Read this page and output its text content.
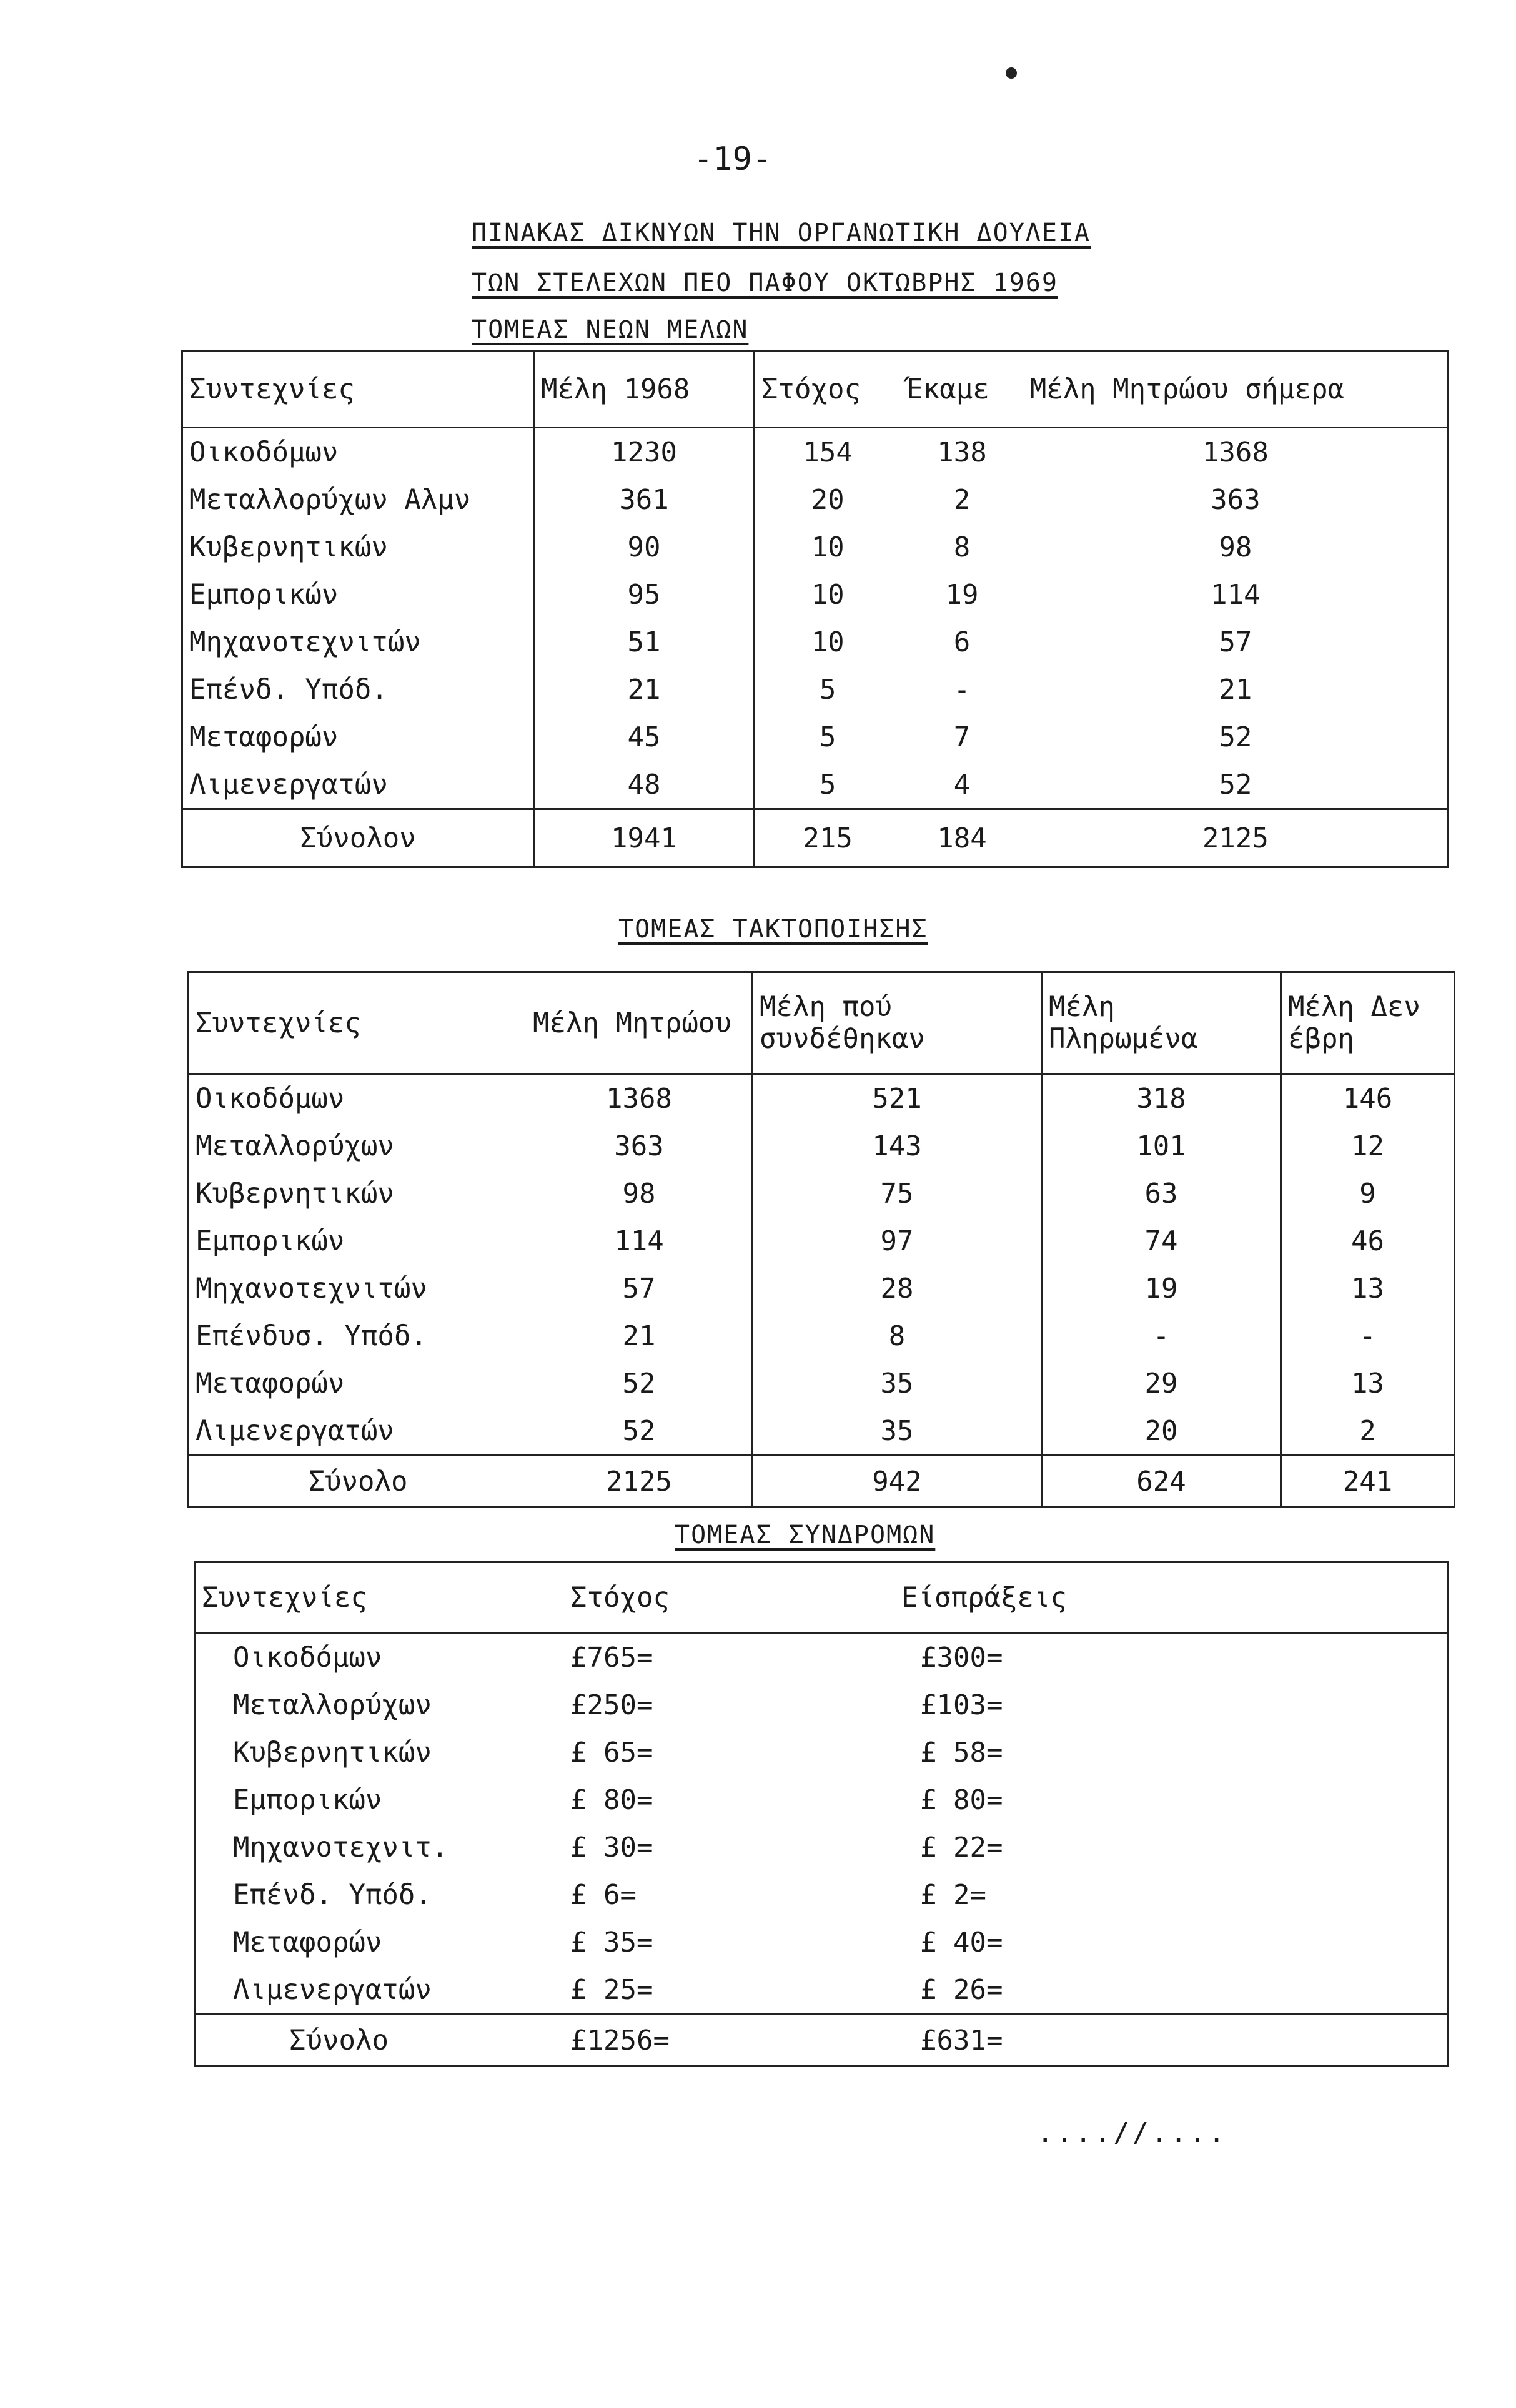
-19-
ΠΙΝΑΚΑΣ ΔΙΚΝΥΩΝ ΤΗΝ ΟΡΓΑΝΩΤΙΚΗ ΔΟΥΛΕΙΑ
ΤΩΝ ΣΤΕΛΕΧΩΝ ΠΕΟ ΠΑΦΟΥ ΟΚΤΩΒΡΗΣ 1969
ΤΟΜΕΑΣ ΝΕΩΝ ΜΕΛΩΝ
Συντεχνίες	Μέλη 1968	Στόχος	Έκαμε	Μέλη Μητρώου σήμερα
Οικοδόμων	1230	154	138	1368
Μεταλλορύχων Αλμν	361	20	2	363
Κυβερνητικών	90	10	8	98
Εμπορικών	95	10	19	114
Μηχανοτεχνιτών	51	10	6	57
Επένδ. Υπόδ.	21	5	-	21
Μεταφορών	45	5	7	52
Λιμενεργατών	48	5	4	52
Σύνολον	1941	215	184	2125
ΤΟΜΕΑΣ ΤΑΚΤΟΠΟΙΗΣΗΣ
Συντεχνίες	Μέλη Μητρώου	Μέλη πού συνδέθηκαν	Μέλη Πληρωμένα	Μέλη Δεν έβρη
Οικοδόμων	1368	521	318	146
Μεταλλορύχων	363	143	101	12
Κυβερνητικών	98	75	63	9
Εμπορικών	114	97	74	46
Μηχανοτεχνιτών	57	28	19	13
Επένδυσ. Υπόδ.	21	8	-	-
Μεταφορών	52	35	29	13
Λιμενεργατών	52	35	20	2
Σύνολο	2125	942	624	241
ΤΟΜΕΑΣ ΣΥΝΔΡΟΜΩΝ
Συντεχνίες	Στόχος	Είσπράξεις
Οικοδόμων	£765=	£300=
Μεταλλορύχων	£250=	£103=
Κυβερνητικών	£ 65=	£ 58=
Εμπορικών	£ 80=	£ 80=
Μηχανοτεχνιτ.	£ 30=	£ 22=
Επένδ. Υπόδ.	£ 6=	£ 2=
Μεταφορών	£ 35=	£ 40=
Λιμενεργατών	£ 25=	£ 26=
Σύνολο	£1256=	£631=
....//....
